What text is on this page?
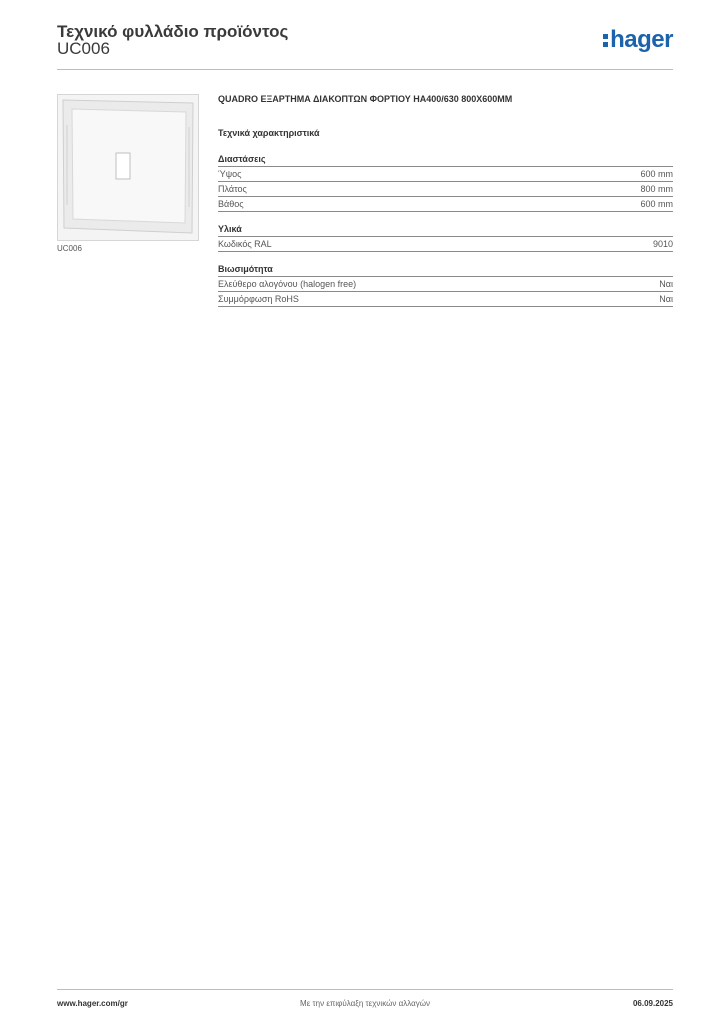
Τεχνικό φυλλάδιο προϊόντος
UC006	hager
UC006
QUADRO ΕΞΑΡΤΗΜΑ ΔΙΑΚΟΠΤΩΝ ΦΟΡΤΙΟΥ HA400/630 800X600MM
Τεχνικά χαρακτηριστικά
Διαστάσεις
Ύψος	600 mm
Πλάτος	800 mm
Βάθος	600 mm
Υλικά
Κωδικός RAL	9010
Βιωσιμότητα
Ελεύθερο αλογόνου (halogen free)	Ναι
Συμμόρφωση RoHS	Ναι
Με την επιφύλαξη τεχνικών αλλαγών
www.hager.com/gr	06.09.2025
